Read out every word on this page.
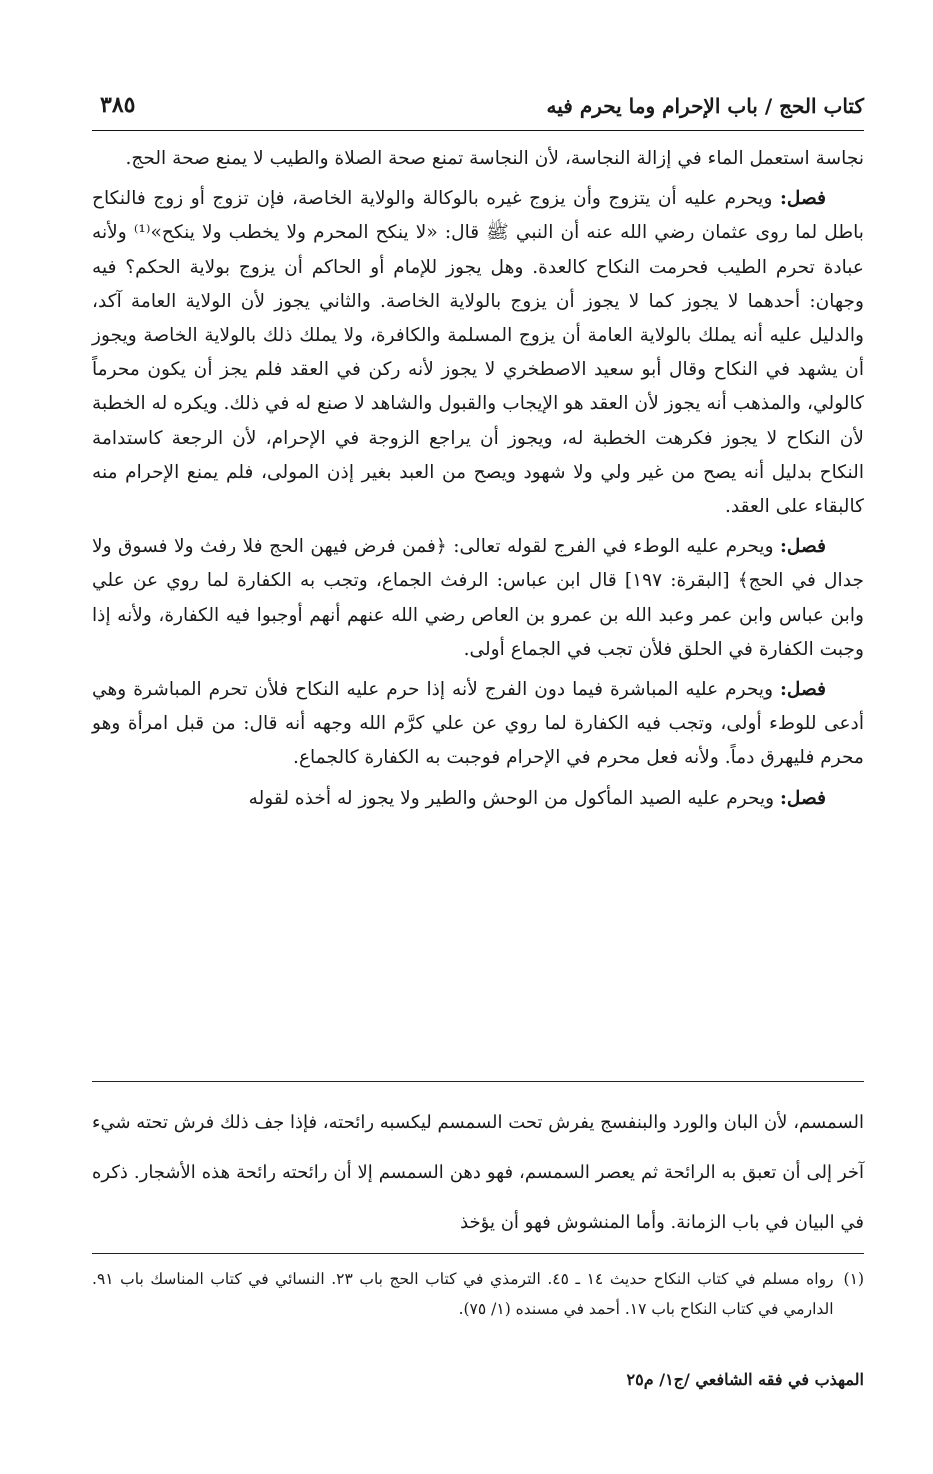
كتاب الحج / باب الإحرام وما يحرم فيه
٣٨٥

نجاسة استعمل الماء في إزالة النجاسة، لأن النجاسة تمنع صحة الصلاة والطيب لا يمنع صحة الحج.

فصل: ويحرم عليه أن يتزوج وأن يزوج غيره بالوكالة والولاية الخاصة، فإن تزوج أو زوج فالنكاح باطل لما روى عثمان رضي الله عنه أن النبي ﷺ قال: «لا ينكح المحرم ولا يخطب ولا ينكح»⁽¹⁾ ولأنه عبادة تحرم الطيب فحرمت النكاح كالعدة. وهل يجوز للإمام أو الحاكم أن يزوج بولاية الحكم؟ فيه وجهان: أحدهما لا يجوز كما لا يجوز أن يزوج بالولاية الخاصة. والثاني يجوز لأن الولاية العامة آكد، والدليل عليه أنه يملك بالولاية العامة أن يزوج المسلمة والكافرة، ولا يملك ذلك بالولاية الخاصة ويجوز أن يشهد في النكاح وقال أبو سعيد الاصطخري لا يجوز لأنه ركن في العقد فلم يجز أن يكون محرماً كالولي، والمذهب أنه يجوز لأن العقد هو الإيجاب والقبول والشاهد لا صنع له في ذلك. ويكره له الخطبة لأن النكاح لا يجوز فكرهت الخطبة له، ويجوز أن يراجع الزوجة في الإحرام، لأن الرجعة كاستدامة النكاح بدليل أنه يصح من غير ولي ولا شهود ويصح من العبد بغير إذن المولى، فلم يمنع الإحرام منه كالبقاء على العقد.

فصل: ويحرم عليه الوطء في الفرج لقوله تعالى: ﴿فمن فرض فيهن الحج فلا رفث ولا فسوق ولا جدال في الحج﴾ [البقرة: ١٩٧] قال ابن عباس: الرفث الجماع، وتجب به الكفارة لما روي عن علي وابن عباس وابن عمر وعبد الله بن عمرو بن العاص رضي الله عنهم أنهم أوجبوا فيه الكفارة، ولأنه إذا وجبت الكفارة في الحلق فلأن تجب في الجماع أولى.

فصل: ويحرم عليه المباشرة فيما دون الفرج لأنه إذا حرم عليه النكاح فلأن تحرم المباشرة وهي أدعى للوطء أولى، وتجب فيه الكفارة لما روي عن علي كرَّم الله وجهه أنه قال: من قبل امرأة وهو محرم فليهرق دماً. ولأنه فعل محرم في الإحرام فوجبت به الكفارة كالجماع.

فصل: ويحرم عليه الصيد المأكول من الوحش والطير ولا يجوز له أخذه لقوله

السمسم، لأن البان والورد والبنفسج يفرش تحت السمسم ليكسبه رائحته، فإذا جف ذلك فرش تحته شيء آخر إلى أن تعبق به الرائحة ثم يعصر السمسم، فهو دهن السمسم إلا أن رائحته رائحة هذه الأشجار. ذكره في البيان في باب الزمانة. وأما المنشوش فهو أن يؤخذ

(١)
رواه مسلم في كتاب النكاح حديث ١٤ ـ ٤٥. الترمذي في كتاب الحج باب ٢٣. النسائي في كتاب المناسك باب ٩١. الدارمي في كتاب النكاح باب ١٧. أحمد في مسنده (١/ ٧٥).
المهذب في فقه الشافعي /ج١/ م٢٥
